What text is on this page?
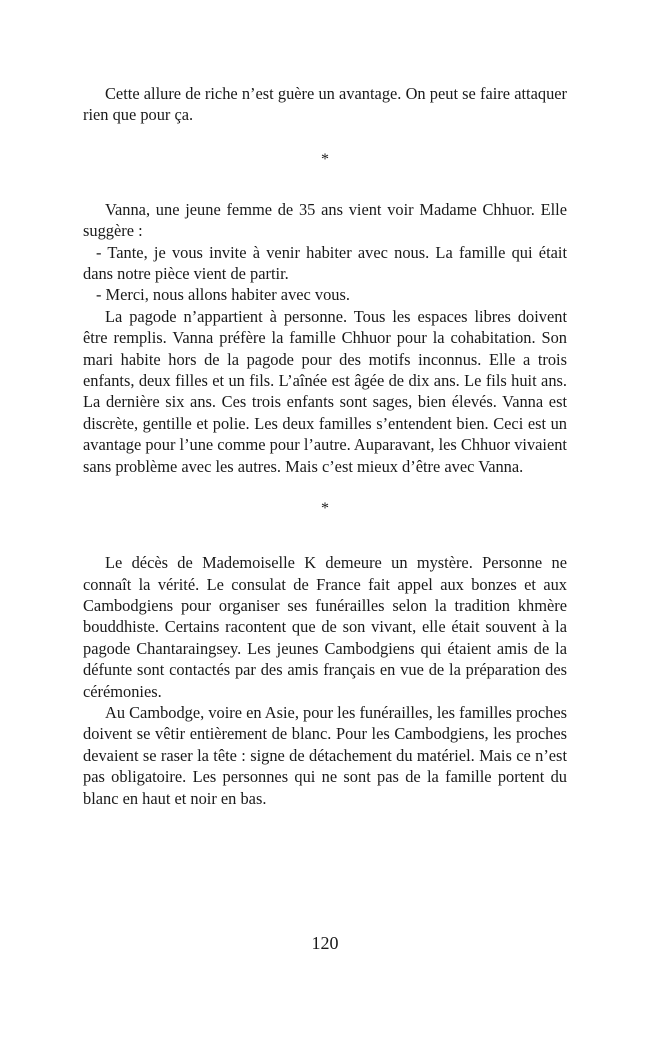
Cette allure de riche n’est guère un avantage. On peut se faire attaquer rien que pour ça.

*

Vanna, une jeune femme de 35 ans vient voir Madame Chhuor. Elle suggère :

- Tante, je vous invite à venir habiter avec nous. La famille qui était dans notre pièce vient de partir.

- Merci, nous allons habiter avec vous.

La pagode n’appartient à personne. Tous les espaces libres doivent être remplis. Vanna préfère la famille Chhuor pour la cohabitation. Son mari habite hors de la pagode pour des motifs inconnus. Elle a trois enfants, deux filles et un fils. L’aînée est âgée de dix ans. Le fils huit ans. La dernière six ans. Ces trois enfants sont sages, bien élevés. Vanna est discrète, gentille et polie. Les deux familles s’entendent bien. Ceci est un avantage pour l’une comme pour l’autre. Auparavant, les Chhuor vivaient sans problème avec les autres. Mais c’est mieux d’être avec Vanna.

*

Le décès de Mademoiselle K demeure un mystère. Personne ne connaît la vérité. Le consulat de France fait appel aux bonzes et aux Cambodgiens pour organiser ses funérailles selon la tradition khmère bouddhiste. Certains racontent que de son vivant, elle était souvent à la pagode Chantaraingsey. Les jeunes Cambodgiens qui étaient amis de la défunte sont contactés par des amis français en vue de la préparation des cérémonies.

Au Cambodge, voire en Asie, pour les funérailles, les familles proches doivent se vêtir entièrement de blanc. Pour les Cambodgiens, les proches devaient se raser la tête : signe de détachement du matériel. Mais ce n’est pas obligatoire. Les personnes qui ne sont pas de la famille portent du blanc en haut et noir en bas.

120
